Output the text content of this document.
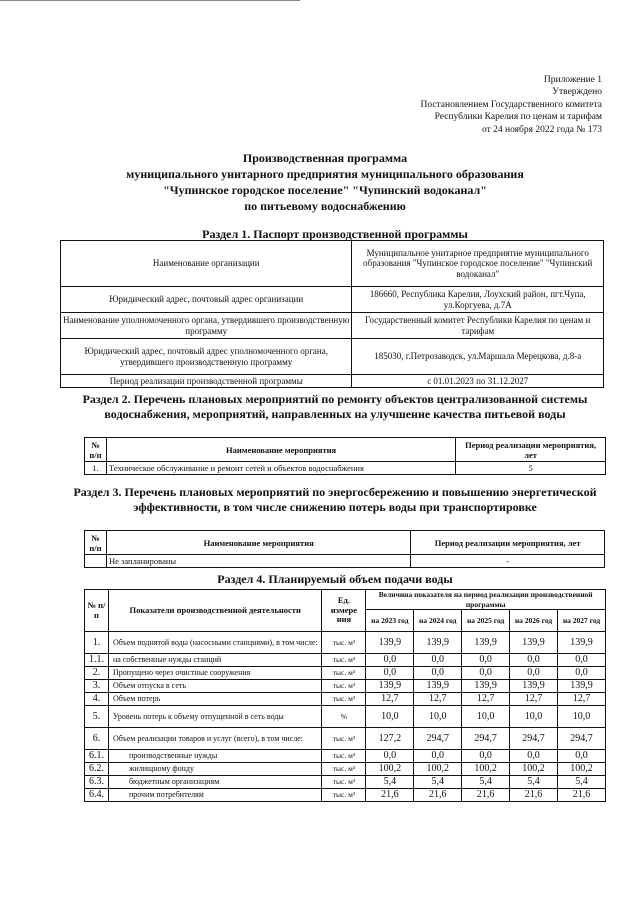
Приложение 1
Утверждено
Постановлением Государственного комитета
Республики Карелия по ценам и тарифам
от 24 ноября 2022 года № 173
Производственная программа
муниципального унитарного предприятия муниципального образования
"Чупинское городское поселение" "Чупинский водоканал"
по питьевому водоснабжению
Раздел 1. Паспорт производственной программы
Наименование организации	Муниципальное унитарное предприятие муниципального образования "Чупинское городское поселение" "Чупинский водоканал"
Юридический адрес, почтовый адрес организации	186660, Республика Карелия, Лоухский район, пгт.Чупа, ул.Коргуева, д.7А
Наименование уполномоченного органа, утвердившего производственную программу	Государственный комитет Республики Карелия по ценам и тарифам
Юридический адрес, почтовый адрес уполномоченного органа, утвердившего производственную программу	185030, г.Петрозаводск, ул.Маршала Мерецкова, д.8-а
Период реализации производственной программы	с 01.01.2023 по 31.12.2027
Раздел 2. Перечень плановых мероприятий по ремонту объектов централизованной системы водоснабжения, мероприятий, направленных на улучшение качества питьевой воды
№ п/п	Наименование мероприятия	Период реализации мероприятия, лет
1.	Техническое обслуживание и ремонт сетей и объектов водоснабжения	5
Раздел 3. Перечень плановых мероприятий по энергосбережению и повышению энергетической эффективности, в том числе снижению потерь воды при транспортировке
№ п/п	Наименование мероприятия	Период реализации мероприятия, лет
	Не запланированы	-
Раздел 4. Планируемый объем подачи воды
№ п/п	Показатели производственной деятельности	Ед. измере ния	Величина показателя на период реализации производственной программы				
			на 2023 год	на 2024 год	на 2025 год	на 2026 год	на 2027 год
1.	Объем поднятой воды (насосными станциями), в том числе:	тыс. м³	139,9	139,9	139,9	139,9	139,9
1.1.	на собственные нужды станций	тыс. м³	0,0	0,0	0,0	0,0	0,0
2.	Пропущено через очистные сооружения	тыс. м³	0,0	0,0	0,0	0,0	0,0
3.	Объем отпуска в сеть	тыс. м³	139,9	139,9	139,9	139,9	139,9
4.	Объем потерь	тыс. м³	12,7	12,7	12,7	12,7	12,7
5.	Уровень потерь к объему отпущенной в сеть воды	%	10,0	10,0	10,0	10,0	10,0
6.	Объем реализации товаров и услуг (всего), в том числе:	тыс. м³	127,2	294,7	294,7	294,7	294,7
6.1.	производственные нужды	тыс. м³	0,0	0,0	0,0	0,0	0,0
6.2.	жилищному фонду	тыс. м³	100,2	100,2	100,2	100,2	100,2
6.3.	бюджетным организациям	тыс. м³	5,4	5,4	5,4	5,4	5,4
6.4.	прочим потребителям	тыс. м³	21,6	21,6	21,6	21,6	21,6
